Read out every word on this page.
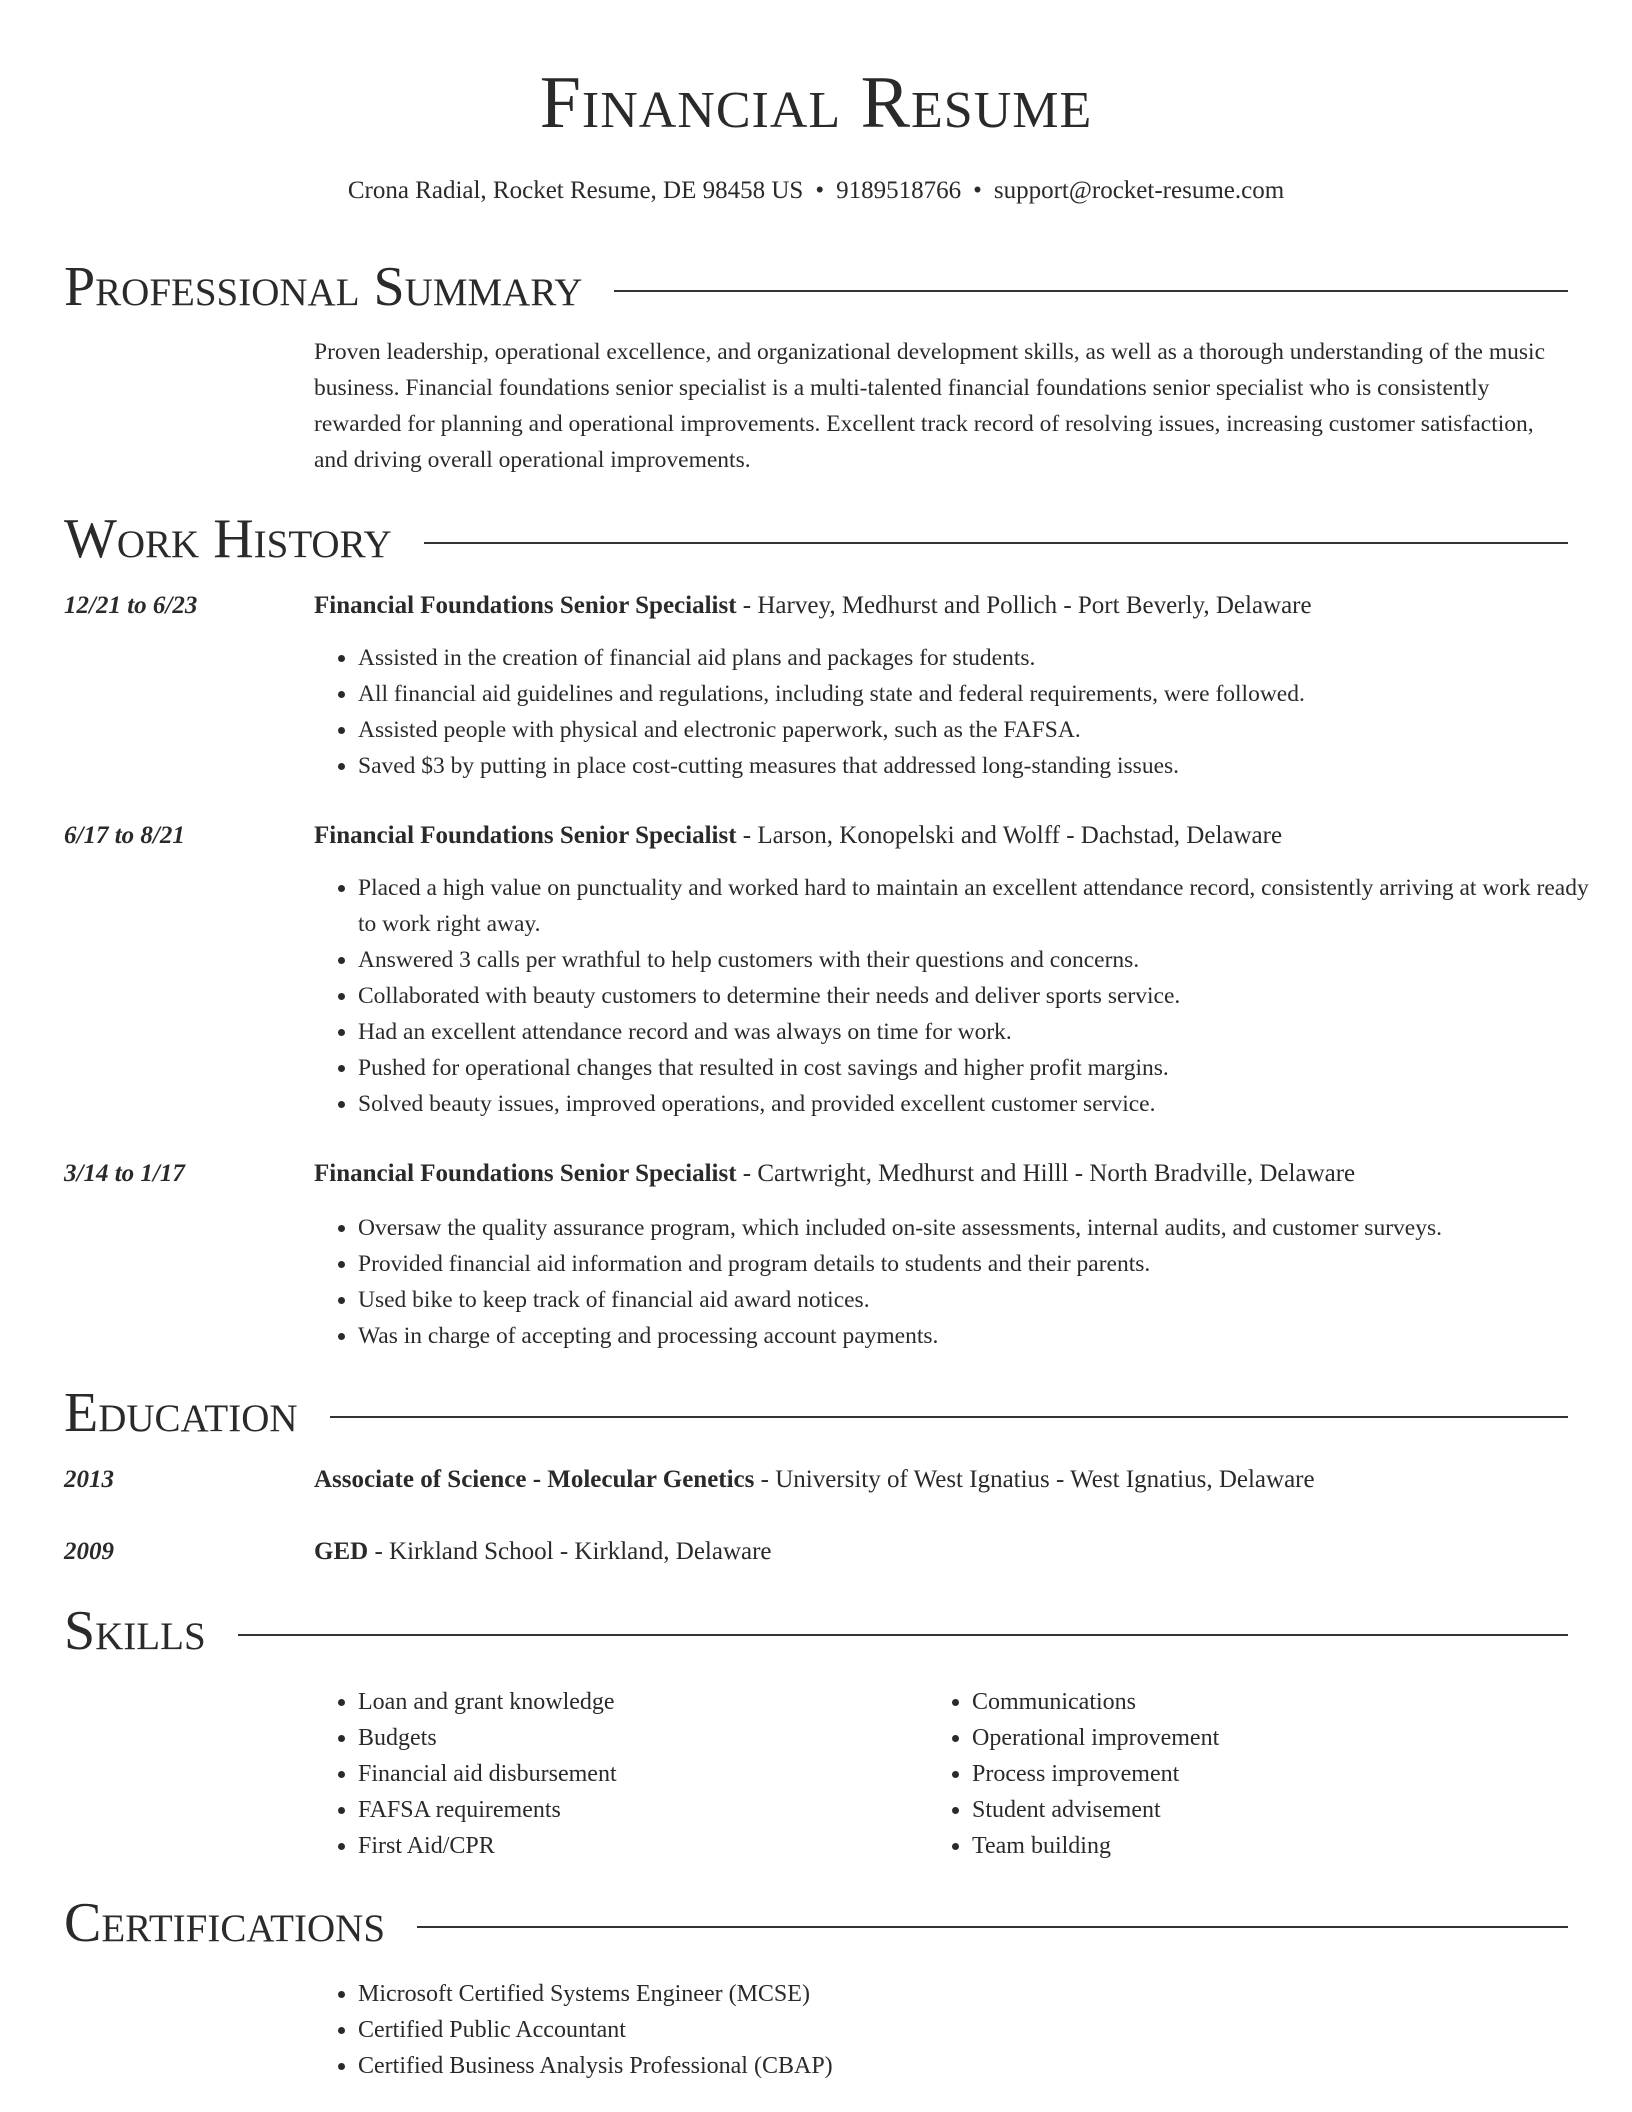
Financial Resume
Crona Radial, Rocket Resume, DE 98458 US • 9189518766 • support@rocket-resume.com
Professional Summary

Proven leadership, operational excellence, and organizational development skills, as well as a thorough understanding of the music business. Financial foundations senior specialist is a multi-talented financial foundations senior specialist who is consistently rewarded for planning and operational improvements. Excellent track record of resolving issues, increasing customer satisfaction, and driving overall operational improvements.

Work History
12/21 to 6/23	Financial Foundations Senior Specialist - Harvey, Medhurst and Pollich - Port Beverly, Delaware
• Assisted in the creation of financial aid plans and packages for students.
• All financial aid guidelines and regulations, including state and federal requirements, were followed.
• Assisted people with physical and electronic paperwork, such as the FAFSA.
• Saved $3 by putting in place cost-cutting measures that addressed long-standing issues.
6/17 to 8/21	Financial Foundations Senior Specialist - Larson, Konopelski and Wolff - Dachstad, Delaware
• Placed a high value on punctuality and worked hard to maintain an excellent attendance record, consistently arriving at work ready to work right away.
• Answered 3 calls per wrathful to help customers with their questions and concerns.
• Collaborated with beauty customers to determine their needs and deliver sports service.
• Had an excellent attendance record and was always on time for work.
• Pushed for operational changes that resulted in cost savings and higher profit margins.
• Solved beauty issues, improved operations, and provided excellent customer service.
3/14 to 1/17	Financial Foundations Senior Specialist - Cartwright, Medhurst and Hilll - North Bradville, Delaware
• Oversaw the quality assurance program, which included on-site assessments, internal audits, and customer surveys.
• Provided financial aid information and program details to students and their parents.
• Used bike to keep track of financial aid award notices.
• Was in charge of accepting and processing account payments.
Education
2013	Associate of Science - Molecular Genetics - University of West Ignatius - West Ignatius, Delaware
2009	GED - Kirkland School - Kirkland, Delaware
Skills
• Loan and grant knowledge
• Budgets
• Financial aid disbursement
• FAFSA requirements
• First Aid/CPR
• Communications
• Operational improvement
• Process improvement
• Student advisement
• Team building
Certifications
• Microsoft Certified Systems Engineer (MCSE)
• Certified Public Accountant
• Certified Business Analysis Professional (CBAP)
